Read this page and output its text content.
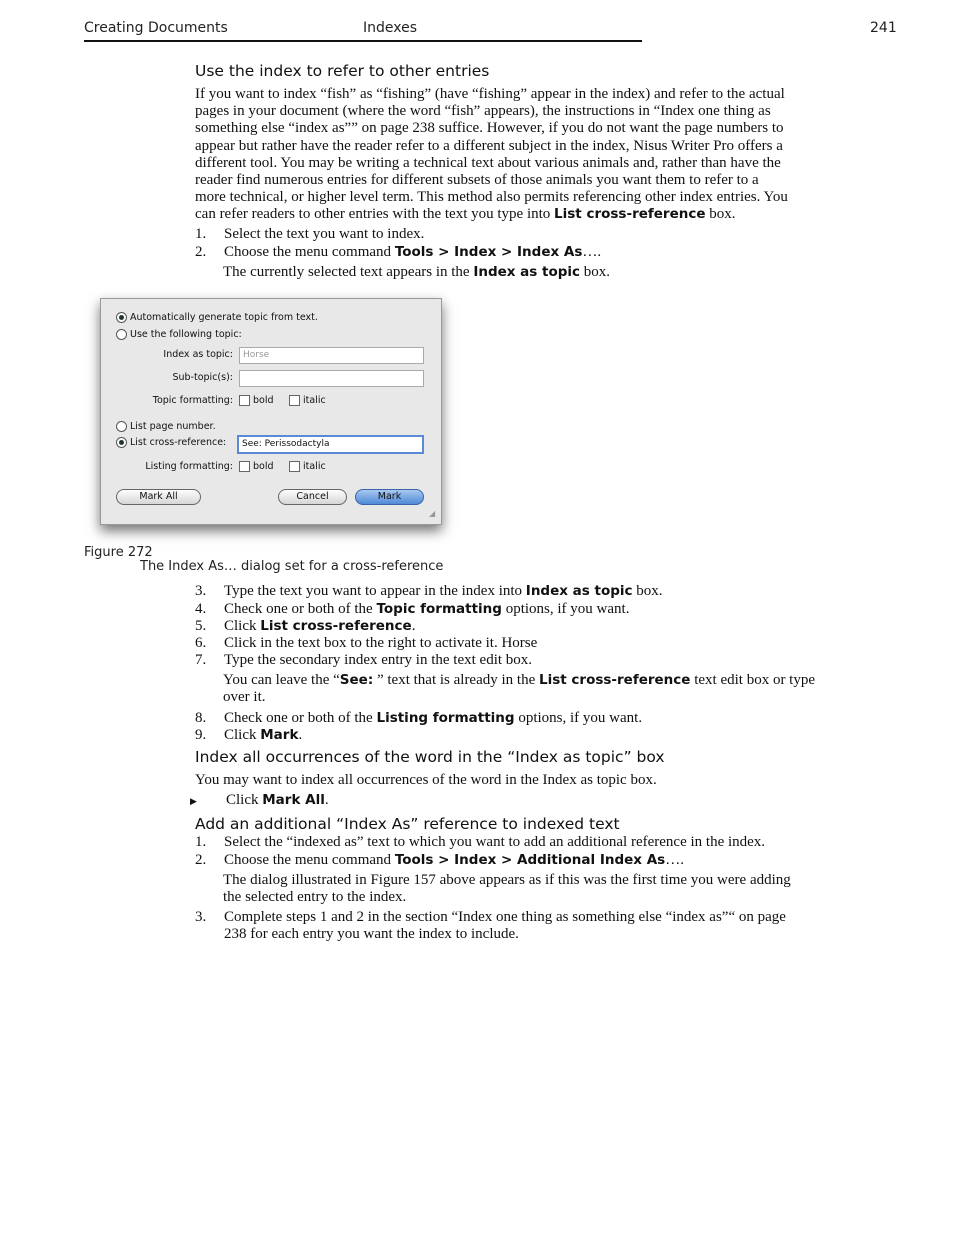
Creating Documents	Indexes	241
Use the index to refer to other entries

If you want to index “fish” as “fishing” (have “fishing” appear in the index) and refer to the actual

pages in your document (where the word “fish” appears), the instructions in “Index one thing as

something else “index as”” on page 238 suffice. However, if you do not want the page numbers to

appear but rather have the reader refer to a different subject in the index, Nisus Writer Pro offers a

different tool. You may be writing a technical text about various animals and, rather than have the

reader find numerous entries for different subsets of those animals you want them to refer to a

more technical, or higher level term. This method also permits referencing other index entries. You

can refer readers to other entries with the text you type into List cross-reference box.

1.	Select the text you want to index.
2.	Choose the menu command Tools > Index > Index As….
The currently selected text appears in the Index as topic box.
Automatically generate topic from text.
Use the following topic:
Index as topic:	Horse
Sub-topic(s):
Topic formatting:	bold	italic
List page number.
List cross-reference:	See: Perissodactyla
Listing formatting:	bold	italic
Mark All	Cancel	Mark
◢
Figure 272
The Index As… dialog set for a cross-reference
3.	Type the text you want to appear in the index into Index as topic box.
4.	Check one or both of the Topic formatting options, if you want.
5.	Click List cross-reference.
6.	Click in the text box to the right to activate it. Horse
7.	Type the secondary index entry in the text edit box.
You can leave the “See: ” text that is already in the List cross-reference text edit box or type
over it.
8.	Check one or both of the Listing formatting options, if you want.
9.	Click Mark.
Index all occurrences of the word in the “Index as topic” box

You may want to index all occurrences of the word in the Index as topic box.

▶ Click Mark All.

Add an additional “Index As” reference to indexed text
1.	Select the “indexed as” text to which you want to add an additional reference in the index.
2.	Choose the menu command Tools > Index > Additional Index As….
The dialog illustrated in Figure 157 above appears as if this was the first time you were adding
the selected entry to the index.
3.	Complete steps 1 and 2 in the section “Index one thing as something else “index as”“ on page
238 for each entry you want the index to include.
